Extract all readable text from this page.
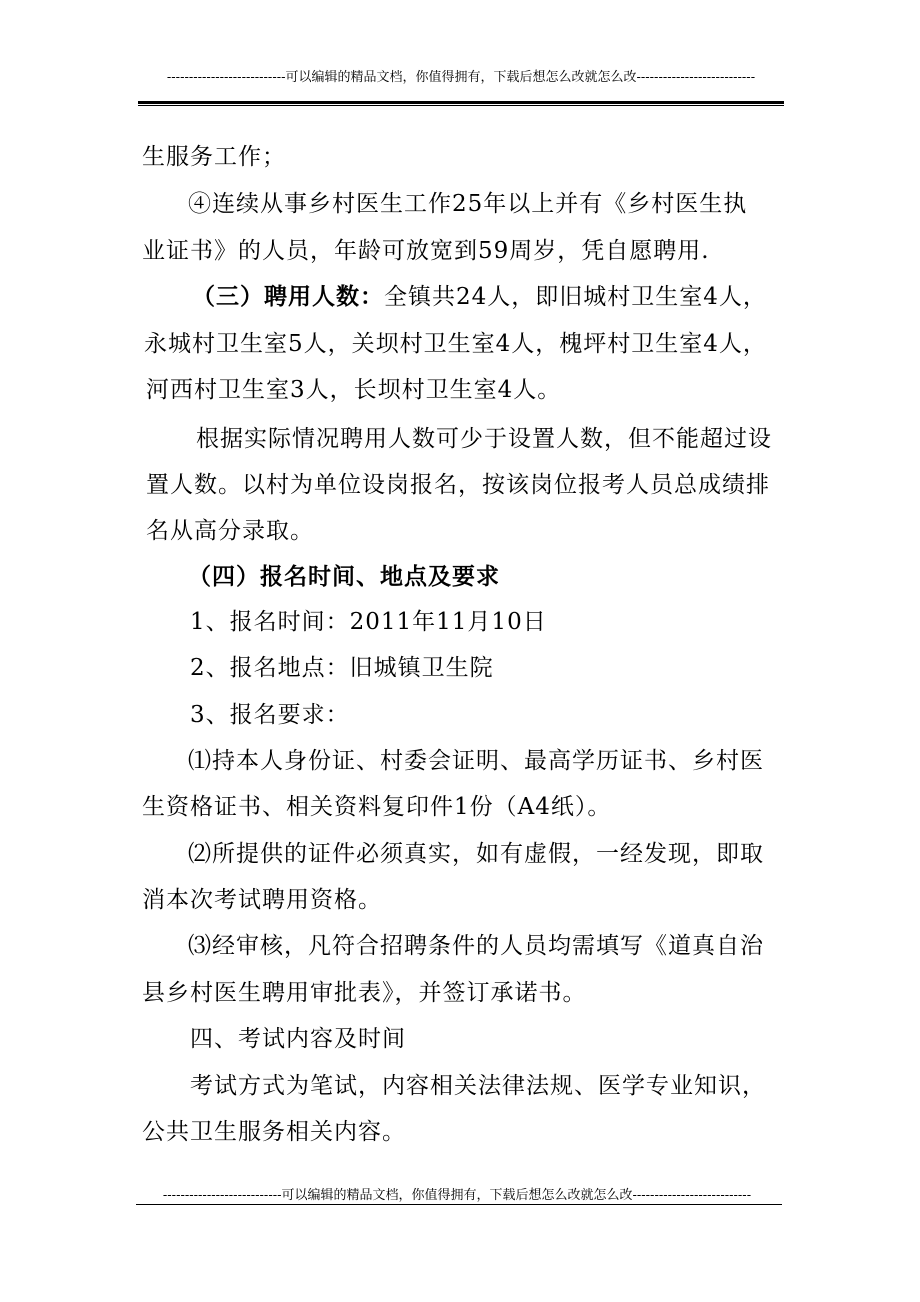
---------------------------可以编辑的精品文档，你值得拥有，下载后想怎么改就怎么改---------------------------
生服务工作；
④连续从事乡村医生工作25年以上并有《乡村医生执
业证书》的人员，年龄可放宽到59周岁，凭自愿聘用.
（三）聘用人数：全镇共24人，即旧城村卫生室4人，
永城村卫生室5人，关坝村卫生室4人，槐坪村卫生室4人，
河西村卫生室3人，长坝村卫生室4人。
根据实际情况聘用人数可少于设置人数，但不能超过设
置人数。以村为单位设岗报名，按该岗位报考人员总成绩排
名从高分录取。
（四）报名时间、地点及要求
1、报名时间：2011年11月10日
2、报名地点：旧城镇卫生院
3、报名要求：
⑴持本人身份证、村委会证明、最高学历证书、乡村医
生资格证书、相关资料复印件1份（A4纸）。
⑵所提供的证件必须真实，如有虚假，一经发现，即取
消本次考试聘用资格。
⑶经审核，凡符合招聘条件的人员均需填写《道真自治
县乡村医生聘用审批表》，并签订承诺书。
四、考试内容及时间
考试方式为笔试，内容相关法律法规、医学专业知识，
公共卫生服务相关内容。
---------------------------可以编辑的精品文档，你值得拥有，下载后想怎么改就怎么改---------------------------
